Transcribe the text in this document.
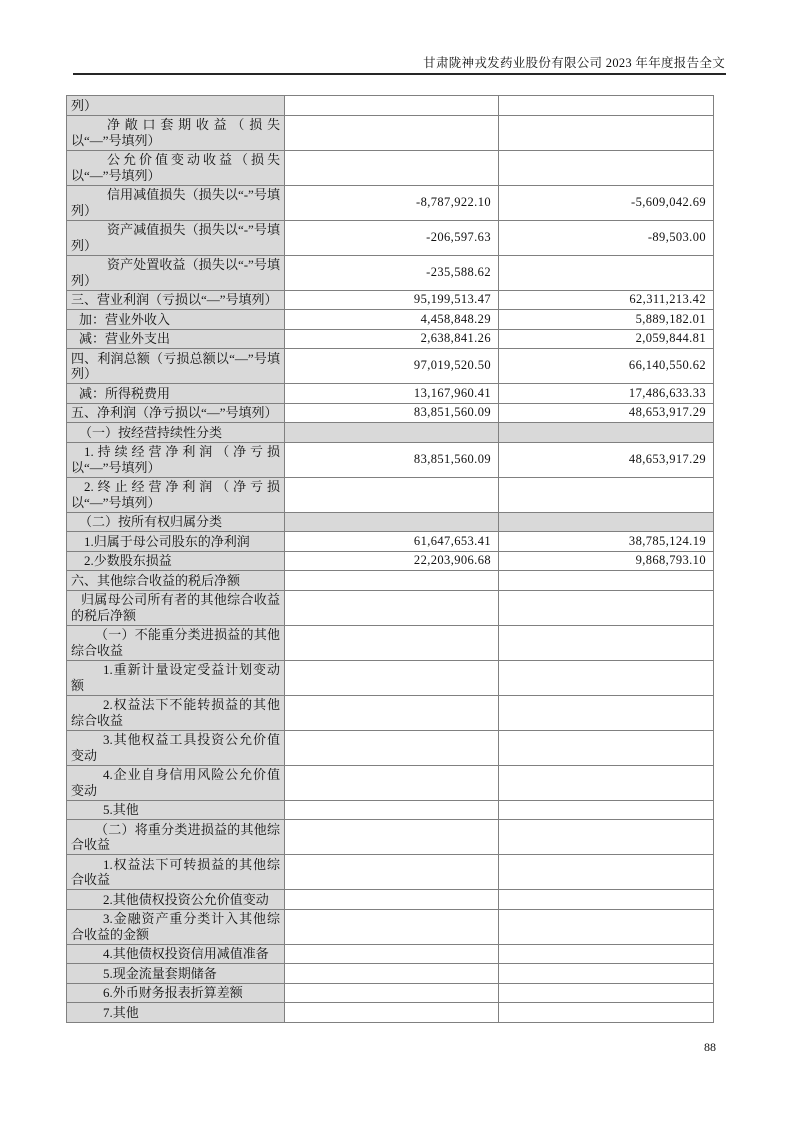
甘肃陇神戎发药业股份有限公司 2023 年年度报告全文
列）		
净敞口套期收益（损失以“—”号填列）		
公允价值变动收益（损失以“—”号填列）		
信用减值损失（损失以“-”号填列）	-8,787,922.10	-5,609,042.69
资产减值损失（损失以“-”号填列）	-206,597.63	-89,503.00
资产处置收益（损失以“-”号填列）	-235,588.62	
三、营业利润（亏损以“—”号填列）	95,199,513.47	62,311,213.42
加：营业外收入	4,458,848.29	5,889,182.01
减：营业外支出	2,638,841.26	2,059,844.81
四、利润总额（亏损总额以“—”号填列）	97,019,520.50	66,140,550.62
减：所得税费用	13,167,960.41	17,486,633.33
五、净利润（净亏损以“—”号填列）	83,851,560.09	48,653,917.29
（一）按经营持续性分类		
1.持续经营净利润（净亏损以“—”号填列）	83,851,560.09	48,653,917.29
2.终止经营净利润（净亏损以“—”号填列）		
（二）按所有权归属分类		
1.归属于母公司股东的净利润	61,647,653.41	38,785,124.19
2.少数股东损益	22,203,906.68	9,868,793.10
六、其他综合收益的税后净额		
归属母公司所有者的其他综合收益的税后净额		
（一）不能重分类进损益的其他综合收益		
1.重新计量设定受益计划变动额		
2.权益法下不能转损益的其他综合收益		
3.其他权益工具投资公允价值变动		
4.企业自身信用风险公允价值变动		
5.其他		
（二）将重分类进损益的其他综合收益		
1.权益法下可转损益的其他综合收益		
2.其他债权投资公允价值变动		
3.金融资产重分类计入其他综合收益的金额		
4.其他债权投资信用减值准备		
5.现金流量套期储备		
6.外币财务报表折算差额		
7.其他		
88
